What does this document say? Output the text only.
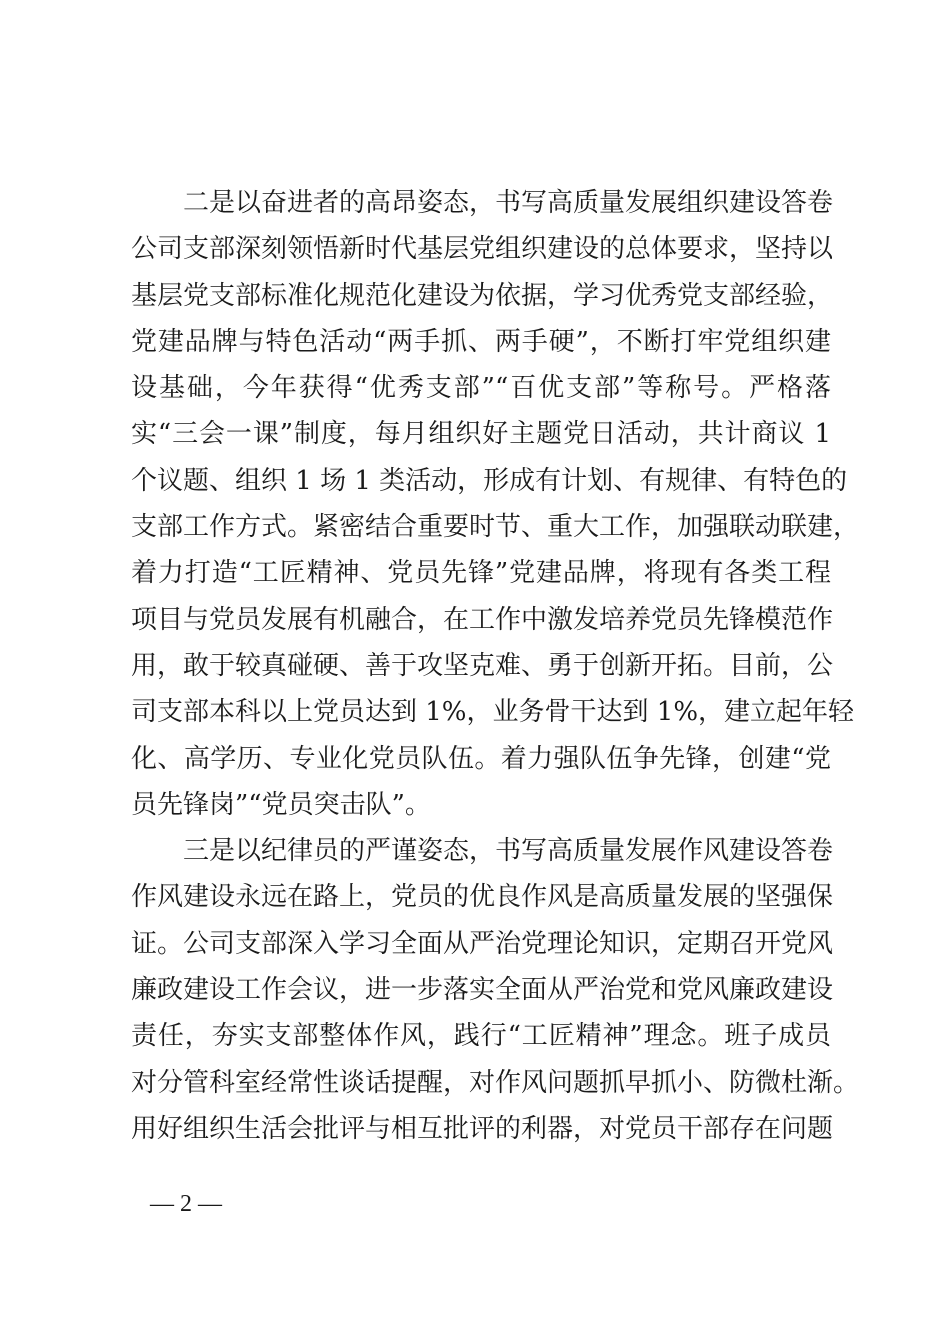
二是以奋进者的高昂姿态，书写高质量发展组织建设答卷
公司支部深刻领悟新时代基层党组织建设的总体要求，坚持以
基层党支部标准化规范化建设为依据，学习优秀党支部经验，
党建品牌与特色活动“两手抓、两手硬”，不断打牢党组织建
设基础，今年获得“优秀支部”“百优支部”等称号。严格落
实“三会一课”制度，每月组织好主题党日活动，共计商议 1
个议题、组织 1 场 1 类活动，形成有计划、有规律、有特色的
支部工作方式。紧密结合重要时节、重大工作，加强联动联建，
着力打造“工匠精神、党员先锋”党建品牌，将现有各类工程
项目与党员发展有机融合，在工作中激发培养党员先锋模范作
用，敢于较真碰硬、善于攻坚克难、勇于创新开拓。目前，公
司支部本科以上党员达到 1%，业务骨干达到 1%，建立起年轻
化、高学历、专业化党员队伍。着力强队伍争先锋，创建“党
员先锋岗”“党员突击队”。
三是以纪律员的严谨姿态，书写高质量发展作风建设答卷
作风建设永远在路上，党员的优良作风是高质量发展的坚强保
证。公司支部深入学习全面从严治党理论知识，定期召开党风
廉政建设工作会议，进一步落实全面从严治党和党风廉政建设
责任，夯实支部整体作风，践行“工匠精神”理念。班子成员
对分管科室经常性谈话提醒，对作风问题抓早抓小、防微杜渐。
用好组织生活会批评与相互批评的利器，对党员干部存在问题
— 2 —
